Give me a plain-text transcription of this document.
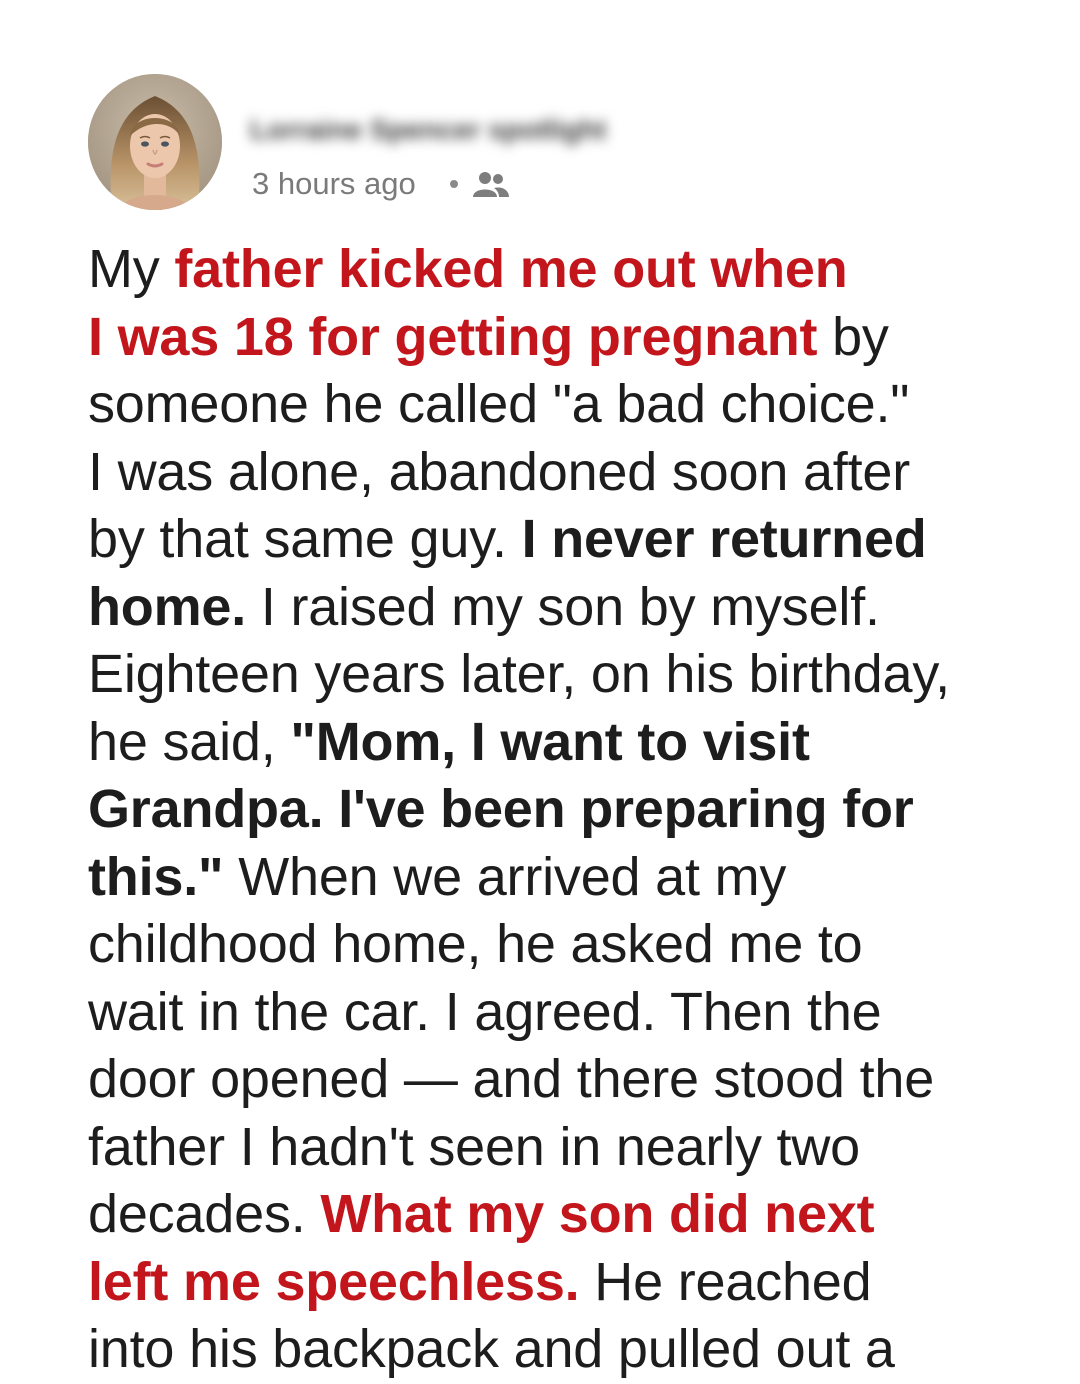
Lorraine Spencer spotlight
3 hours ago

My father kicked me out when
I was 18 for getting pregnant by
someone he called "a bad choice."
I was alone, abandoned soon after
by that same guy. I never returned
home. I raised my son by myself.
Eighteen years later, on his birthday,
he said, "Mom, I want to visit
Grandpa. I've been preparing for
this." When we arrived at my
childhood home, he asked me to
wait in the car. I agreed. Then the
door opened — and there stood the
father I hadn't seen in nearly two
decades. What my son did next
left me speechless. He reached
into his backpack and pulled out a
